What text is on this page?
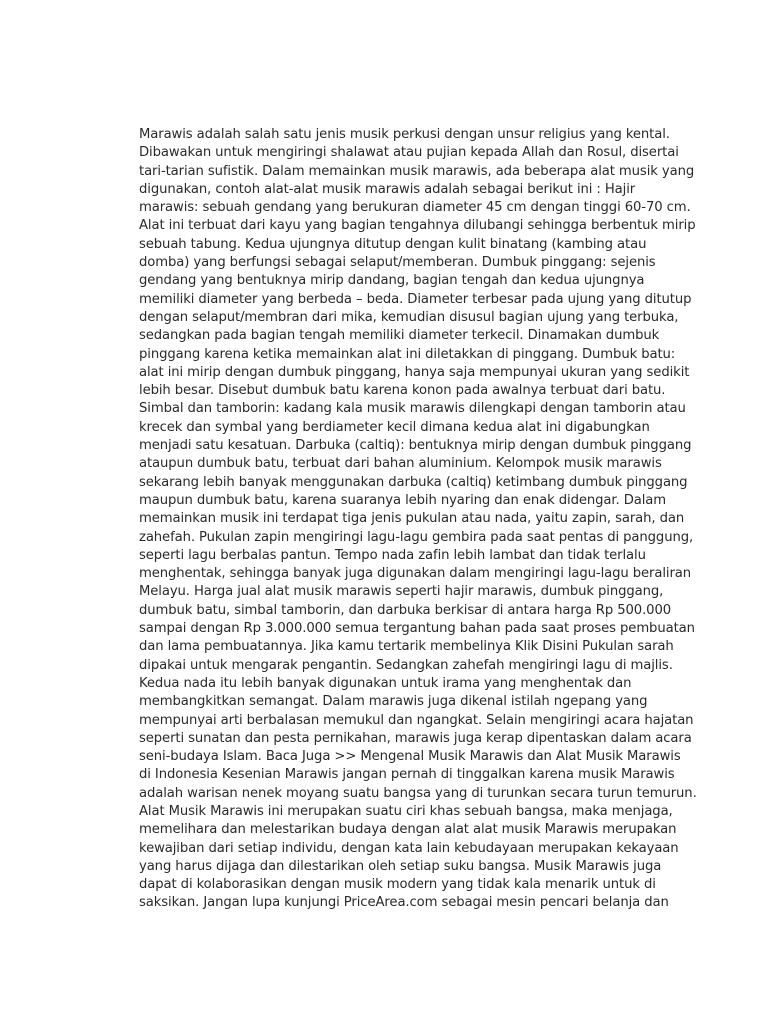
Marawis adalah salah satu jenis musik perkusi dengan unsur religius yang kental.
Dibawakan untuk mengiringi shalawat atau pujian kepada Allah dan Rosul, disertai
tari-tarian sufistik. Dalam memainkan musik marawis, ada beberapa alat musik yang
digunakan, contoh alat-alat musik marawis adalah sebagai berikut ini : Hajir
marawis: sebuah gendang yang berukuran diameter 45 cm dengan tinggi 60-70 cm.
Alat ini terbuat dari kayu yang bagian tengahnya dilubangi sehingga berbentuk mirip
sebuah tabung. Kedua ujungnya ditutup dengan kulit binatang (kambing atau
domba) yang berfungsi sebagai selaput/memberan. Dumbuk pinggang: sejenis
gendang yang bentuknya mirip dandang, bagian tengah dan kedua ujungnya
memiliki diameter yang berbeda – beda. Diameter terbesar pada ujung yang ditutup
dengan selaput/membran dari mika, kemudian disusul bagian ujung yang terbuka,
sedangkan pada bagian tengah memiliki diameter terkecil. Dinamakan dumbuk
pinggang karena ketika memainkan alat ini diletakkan di pinggang. Dumbuk batu:
alat ini mirip dengan dumbuk pinggang, hanya saja mempunyai ukuran yang sedikit
lebih besar. Disebut dumbuk batu karena konon pada awalnya terbuat dari batu.
Simbal dan tamborin: kadang kala musik marawis dilengkapi dengan tamborin atau
krecek dan symbal yang berdiameter kecil dimana kedua alat ini digabungkan
menjadi satu kesatuan. Darbuka (caltiq): bentuknya mirip dengan dumbuk pinggang
ataupun dumbuk batu, terbuat dari bahan aluminium. Kelompok musik marawis
sekarang lebih banyak menggunakan darbuka (caltiq) ketimbang dumbuk pinggang
maupun dumbuk batu, karena suaranya lebih nyaring dan enak didengar. Dalam
memainkan musik ini terdapat tiga jenis pukulan atau nada, yaitu zapin, sarah, dan
zahefah. Pukulan zapin mengiringi lagu-lagu gembira pada saat pentas di panggung,
seperti lagu berbalas pantun. Tempo nada zafin lebih lambat dan tidak terlalu
menghentak, sehingga banyak juga digunakan dalam mengiringi lagu-lagu beraliran
Melayu. Harga jual alat musik marawis seperti hajir marawis, dumbuk pinggang,
dumbuk batu, simbal tamborin, dan darbuka berkisar di antara harga Rp 500.000
sampai dengan Rp 3.000.000 semua tergantung bahan pada saat proses pembuatan
dan lama pembuatannya. Jika kamu tertarik membelinya Klik Disini Pukulan sarah
dipakai untuk mengarak pengantin. Sedangkan zahefah mengiringi lagu di majlis.
Kedua nada itu lebih banyak digunakan untuk irama yang menghentak dan
membangkitkan semangat. Dalam marawis juga dikenal istilah ngepang yang
mempunyai arti berbalasan memukul dan ngangkat. Selain mengiringi acara hajatan
seperti sunatan dan pesta pernikahan, marawis juga kerap dipentaskan dalam acara
seni-budaya Islam. Baca Juga >> Mengenal Musik Marawis dan Alat Musik Marawis
di Indonesia Kesenian Marawis jangan pernah di tinggalkan karena musik Marawis
adalah warisan nenek moyang suatu bangsa yang di turunkan secara turun temurun.
Alat Musik Marawis ini merupakan suatu ciri khas sebuah bangsa, maka menjaga,
memelihara dan melestarikan budaya dengan alat alat musik Marawis merupakan
kewajiban dari setiap individu, dengan kata lain kebudayaan merupakan kekayaan
yang harus dijaga dan dilestarikan oleh setiap suku bangsa. Musik Marawis juga
dapat di kolaborasikan dengan musik modern yang tidak kala menarik untuk di
saksikan. Jangan lupa kunjungi PriceArea.com sebagai mesin pencari belanja dan
